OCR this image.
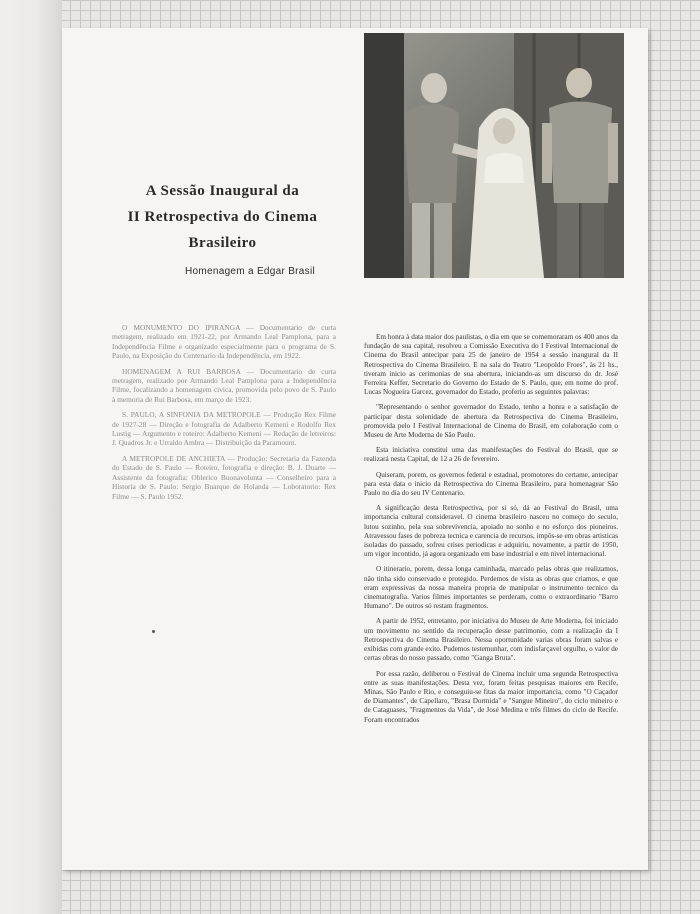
A Sessão Inaugural da
II Retrospectiva do Cinema
Brasileiro
Homenagem a Edgar Brasil

O MONUMENTO DO IPIRANGA — Documentario de curta metragem, realizado em 1921-22, por Armando Leal Pamplona, para a Independência Filme e organizado especialmente para o programa de S. Paulo, na Exposição do Centenario da Independência, em 1922.

HOMENAGEM A RUI BARBOSA — Documentario de curta metragem, realizado por Armando Leal Pamplona para a Independência Filme, focalizando a homenagem civica, promovida pelo povo de S. Paulo à memoria de Rui Barbosa, em março de 1923.

S. PAULO, A SINFONIA DA METROPOLE — Produção Rex Filme de 1927-28 — Direção e fotografia de Adalberto Kemeni e Rodolfo Rex Lustig — Argumento e roteiro: Adalberto Kemeni — Redação de letreiros: J. Quadros Jr. e Urraldo Ambra — Distribuição da Paramount.

A METROPOLE DE ANCHIETA — Produção: Secretaria da Fazenda do Estado de S. Paulo — Roteiro, fotografia e direção: B. J. Duarte — Assistente da fotografia: Oblerico Buonavolunta — Conselheiro para a Historia de S. Paulo: Sergio Buarque de Holanda — Loboratorio: Rex Filme — S. Paulo 1952.

Em honra à data maior dos paulistas, o dia em que se comemoraram os 400 anos da fundação de sua capital, resolveu a Comissão Executiva do I Festival Internacional de Cinema do Brasil antecipar para 25 de janeiro de 1954 a sessão inaugural da II Retrospectiva do Cinema Brasileiro. E na sala do Teatro "Leopoldo Froes", às 21 hs., tiveram inicio as cerimonias de sua abertura, iniciando-as um discurso do dr. José Ferreira Keffer, Secretario do Governo do Estado de S. Paulo, que, em nome do prof. Lucas Nogueira Garcez, governador do Estado, proferiu as seguintes palavras:

"Representando o senhor governador do Estado, tenho a honra e a satisfação de participar desta solenidade de abertura da Retrospectiva do Cinema Brasileiro, promovida pelo I Festival Internacional de Cinema do Brasil, em colaboração com o Museu de Arte Moderna de São Paulo.

Esta iniciativa constitui uma das manifestações do Festival do Brasil, que se realizará nesta Capital, de 12 a 26 de fevereiro.

Quiseram, porem, os governos federal e estadual, promotores do certame, antecipar para esta data o inicio da Retrospectiva do Cinema Brasileiro, para homenagear São Paulo no dia do seu IV Centenario.

A significação desta Retrospectiva, por si só, dá ao Festival do Brasil, uma importancia cultural consideravel. O cinema brasileiro nasceu no começo do seculo, lutou sozinho, pela sua sobrevivencia, apoiado no sonho e no esforço dos pioneiros. Atravessou fases de pobreza tecnica e carencia de recursos, impôs-se em obras artisticas isoladas do passado, sofreu crises periodicas e adquiriu, novamente, a partir de 1950, um vigor incontido, já agora organizado em base industrial e em nivel internacional.

O itinerario, porem, dessa longa caminhada, marcado pelas obras que realizamos, não tinha sido conservado e protegido. Perdemos de vista as obras que criamos, e que eram expressivas da nossa maneira propria de manipular o instrumento tecnico da cinematografia. Varios filmes importantes se perderam, como o extraordinario "Barro Humano". De outros só restam fragmentos.

A partir de 1952, entretanto, por iniciativa do Museu de Arte Moderna, foi iniciado um movimento no sentido da recuperação desse patrimonio, com a realização da I Retrospectiva do Cinema Brasileiro. Nessa oportunidade varias obras foram salvas e exibidas com grande exito. Pudemos testemunhar, com indisfarçavel orgulho, o valor de certas obras do nosso passado, como "Ganga Bruta".

Por essa razão, deliberou o Festival de Cinema incluir uma segunda Retrospectiva entre as suas manifestações. Desta vez, foram feitas pesquisas maiores em Recife, Minas, São Paulo e Rio, e conseguiu-se fitas da maior importancia, como "O Caçador de Diamantes", de Capellaro, "Brasa Dormida" e "Sangue Mineiro", do ciclo mineiro e de Cataguases, "Fragmentos da Vida", de José Medina e três filmes do ciclo de Recife. Foram encontrados
